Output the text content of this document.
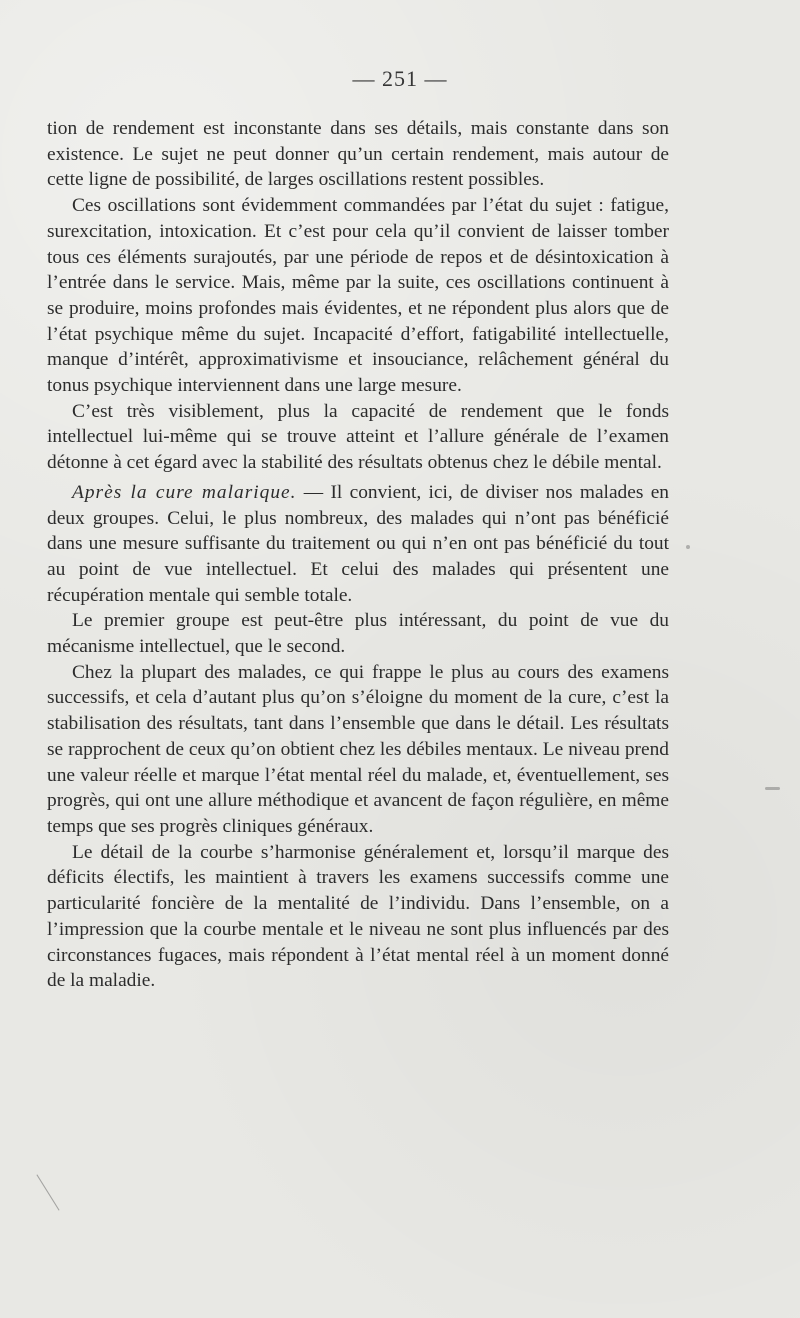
— 251 —

tion de rendement est inconstante dans ses détails, mais constante dans son existence. Le sujet ne peut donner qu’un certain rendement, mais autour de cette ligne de possibilité, de larges oscillations restent possibles.

Ces oscillations sont évidemment commandées par l’état du sujet : fatigue, surexcitation, intoxication. Et c’est pour cela qu’il convient de laisser tomber tous ces éléments surajoutés, par une période de repos et de désintoxication à l’entrée dans le service. Mais, même par la suite, ces oscillations continuent à se produire, moins profondes mais évidentes, et ne répondent plus alors que de l’état psychique même du sujet. Incapacité d’effort, fatigabilité intellectuelle, manque d’intérêt, approximativisme et insouciance, relâchement général du tonus psychique interviennent dans une large mesure.

C’est très visiblement, plus la capacité de rendement que le fonds intellectuel lui-même qui se trouve atteint et l’allure générale de l’examen détonne à cet égard avec la stabilité des résultats obtenus chez le débile mental.

Après la cure malarique. — Il convient, ici, de diviser nos malades en deux groupes. Celui, le plus nombreux, des malades qui n’ont pas bénéficié dans une mesure suffisante du traitement ou qui n’en ont pas bénéficié du tout au point de vue intellectuel. Et celui des malades qui présentent une récupération mentale qui semble totale.

Le premier groupe est peut-être plus intéressant, du point de vue du mécanisme intellectuel, que le second.

Chez la plupart des malades, ce qui frappe le plus au cours des examens successifs, et cela d’autant plus qu’on s’éloigne du moment de la cure, c’est la stabilisation des résultats, tant dans l’ensemble que dans le détail. Les résultats se rapprochent de ceux qu’on obtient chez les débiles mentaux. Le niveau prend une valeur réelle et marque l’état mental réel du malade, et, éventuellement, ses progrès, qui ont une allure méthodique et avancent de façon régulière, en même temps que ses progrès cliniques généraux.

Le détail de la courbe s’harmonise généralement et, lorsqu’il marque des déficits électifs, les maintient à travers les examens successifs comme une particularité foncière de la mentalité de l’individu. Dans l’ensemble, on a l’impression que la courbe mentale et le niveau ne sont plus influencés par des circonstances fugaces, mais répondent à l’état mental réel à un moment donné de la maladie.
